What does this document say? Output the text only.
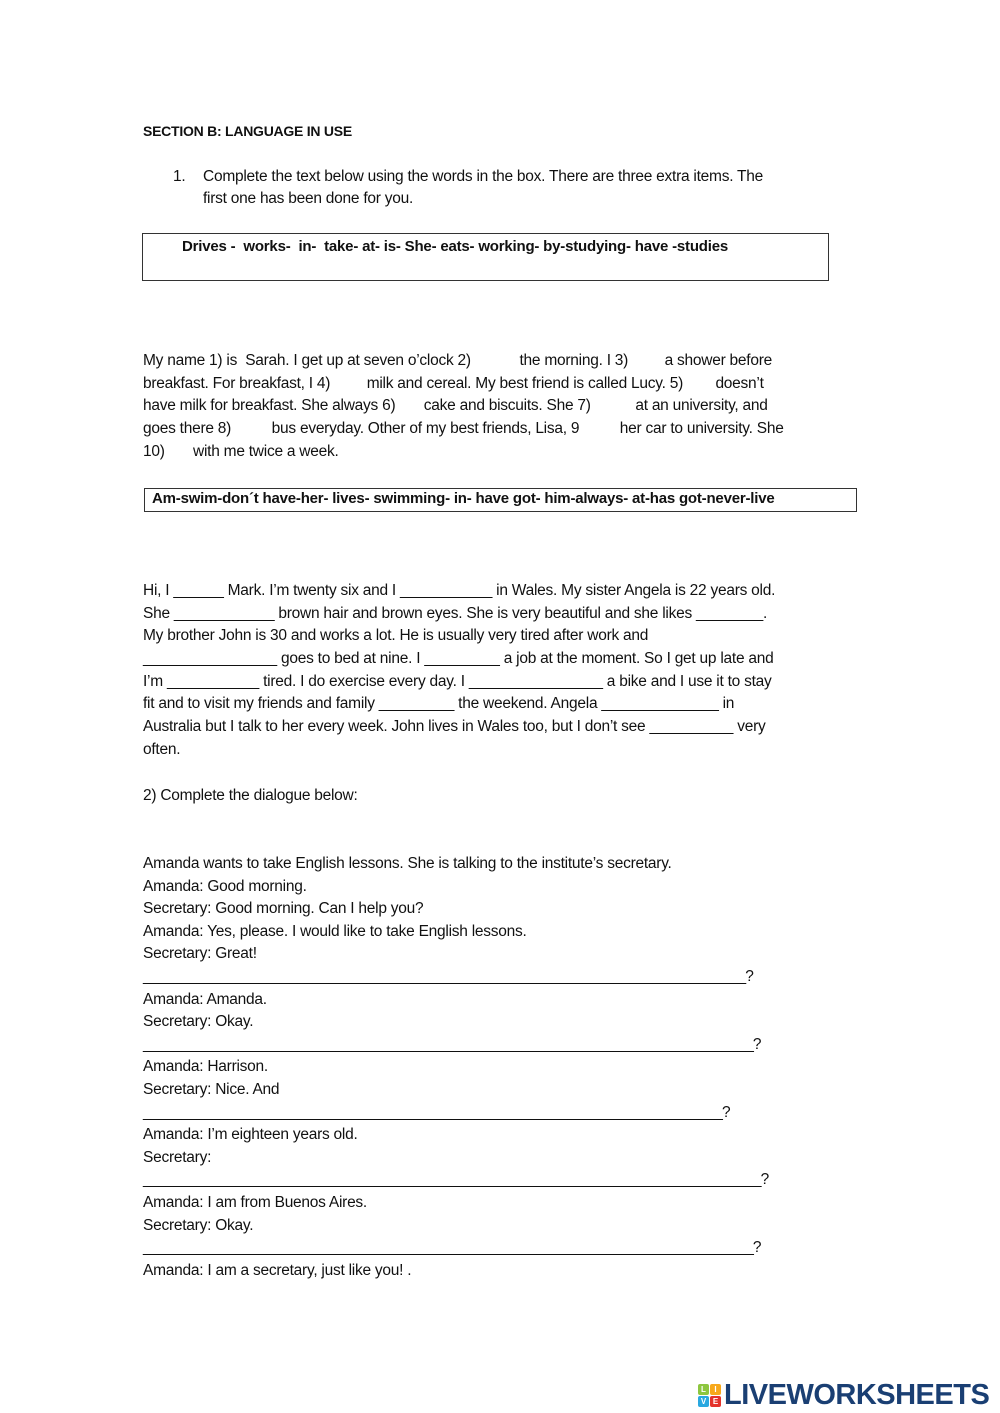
SECTION B: LANGUAGE IN USE
1. Complete the text below using the words in the box. There are three extra items. The
first one has been done for you.
Drives -  works-  in-  take- at- is- She- eats- working- by-studying- have -studies
My name 1) is  Sarah. I get up at seven o’clock 2)            the morning. I 3)         a shower before
breakfast. For breakfast, I 4)         milk and cereal. My best friend is called Lucy. 5)        doesn’t
have milk for breakfast. She always 6)       cake and biscuits. She 7)           at an university, and
goes there 8)          bus everyday. Other of my best friends, Lisa, 9          her car to university. She
10)       with me twice a week.
Am-swim-don´t have-her- lives- swimming- in- have got- him-always- at-has got-never-live
Hi, I ______ Mark. I’m twenty six and I ___________ in Wales. My sister Angela is 22 years old.
She ____________ brown hair and brown eyes. She is very beautiful and she likes ________.
My brother John is 30 and works a lot. He is usually very tired after work and
________________ goes to bed at nine. I _________ a job at the moment. So I get up late and
I’m ___________ tired. I do exercise every day. I ________________ a bike and I use it to stay
fit and to visit my friends and family _________ the weekend. Angela ______________ in
Australia but I talk to her every week. John lives in Wales too, but I don’t see __________ very
often.
2) Complete the dialogue below:
Amanda wants to take English lessons. She is talking to the institute’s secretary.
Amanda: Good morning.
Secretary: Good morning. Can I help you?
Amanda: Yes, please. I would like to take English lessons.
Secretary: Great!
______________________________________________________________________________?
Amanda: Amanda.
Secretary: Okay.
_______________________________________________________________________________?
Amanda: Harrison.
Secretary: Nice. And
___________________________________________________________________________?
Amanda: I’m eighteen years old.
Secretary:
________________________________________________________________________________?
Amanda: I am from Buenos Aires.
Secretary: Okay.
_______________________________________________________________________________?
Amanda: I am a secretary, just like you! .
L	I
V E LIVEWORKSHEETS
